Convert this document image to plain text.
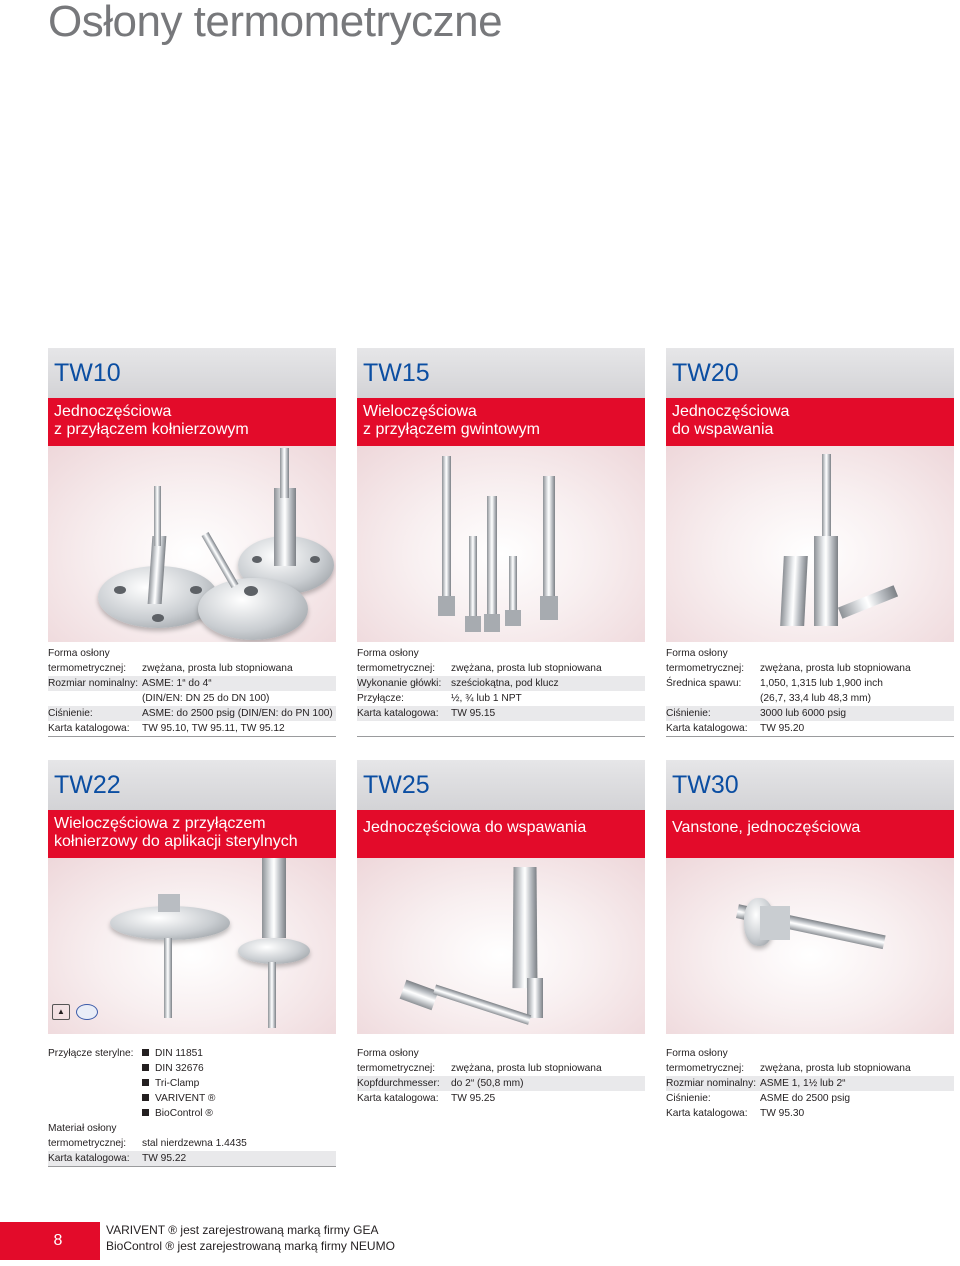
Osłony termometryczne
TW10
Jednoczęściowa
z przyłączem kołnierzowym
Forma osłony
termometrycznej:	zwężana, prosta lub stopniowana
Rozmiar nominalny: ASME: 1“ do 4“
(DIN/EN: DN 25 do DN 100)
Ciśnienie:	ASME: do 2500 psig (DIN/EN: do PN 100)
Karta katalogowa:	TW 95.10, TW 95.11, TW 95.12
TW15
Wieloczęściowa
z przyłączem gwintowym
Forma osłony
termometrycznej:	zwężana, prosta lub stopniowana
Wykonanie główki: sześciokątna, pod klucz
Przyłącze:	½, ¾ lub 1 NPT
Karta katalogowa:	TW 95.15
TW20
Jednoczęściowa
do wspawania
Forma osłony
termometrycznej:	zwężana, prosta lub stopniowana
Średnica spawu:	1,050, 1,315 lub 1,900 inch
(26,7, 33,4 lub 48,3 mm)
Ciśnienie:	3000 lub 6000 psig
Karta katalogowa:	TW 95.20
TW22
Wieloczęściowa z przyłączem
kołnierzowy do aplikacji sterylnych
▲
Przyłącze sterylne:	DIN 11851
DIN 32676
Tri-Clamp
VARIVENT ®
BioControl ®
Materiał osłony
termometrycznej:	stal nierdzewna 1.4435
Karta katalogowa:	TW 95.22
TW25
Jednoczęściowa do wspawania
Forma osłony
termometrycznej:	zwężana, prosta lub stopniowana
Kopfdurchmesser:	do 2“ (50,8 mm)
Karta katalogowa:	TW 95.25
TW30
Vanstone, jednoczęściowa
Forma osłony
termometrycznej:	zwężana, prosta lub stopniowana
Rozmiar nominalny: ASME 1, 1½ lub 2“
Ciśnienie:	ASME do 2500 psig
Karta katalogowa:	TW 95.30
8
VARIVENT ® jest zarejestrowaną marką firmy GEA
BioControl ® jest zarejestrowaną marką firmy NEUMO
